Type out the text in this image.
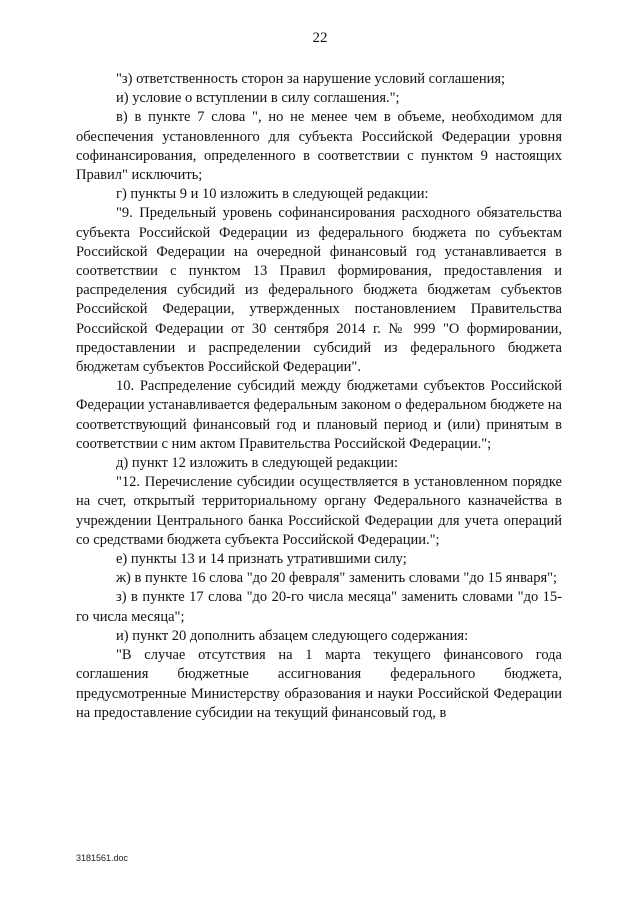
22

"з) ответственность сторон за нарушение условий соглашения;

и) условие о вступлении в силу соглашения.";

в) в пункте 7 слова ", но не менее чем в объеме, необходимом для обеспечения установленного для субъекта Российской Федерации уровня софинансирования, определенного в соответствии с пунктом 9 настоящих Правил" исключить;

г) пункты 9 и 10 изложить в следующей редакции:

"9. Предельный уровень софинансирования расходного обязательства субъекта Российской Федерации из федерального бюджета по субъектам Российской Федерации на очередной финансовый год устанавливается в соответствии с пунктом 13 Правил формирования, предоставления и распределения субсидий из федерального бюджета бюджетам субъектов Российской Федерации, утвержденных постановлением Правительства Российской Федерации от 30 сентября 2014 г. № 999 "О формировании, предоставлении и распределении субсидий из федерального бюджета бюджетам субъектов Российской Федерации".

10. Распределение субсидий между бюджетами субъектов Российской Федерации устанавливается федеральным законом о федеральном бюджете на соответствующий финансовый год и плановый период и (или) принятым в соответствии с ним актом Правительства Российской Федерации.";

д) пункт 12 изложить в следующей редакции:

"12. Перечисление субсидии осуществляется в установленном порядке на счет, открытый территориальному органу Федерального казначейства в учреждении Центрального банка Российской Федерации для учета операций со средствами бюджета субъекта Российской Федерации.";

е) пункты 13 и 14 признать утратившими силу;

ж) в пункте 16 слова "до 20 февраля" заменить словами "до 15 января";

з) в пункте 17 слова "до 20-го числа месяца" заменить словами "до 15-го числа месяца";

и) пункт 20 дополнить абзацем следующего содержания:

"В случае отсутствия на 1 марта текущего финансового года соглашения бюджетные ассигнования федерального бюджета, предусмотренные Министерству образования и науки Российской Федерации на предоставление субсидии на текущий финансовый год, в

3181561.doc
